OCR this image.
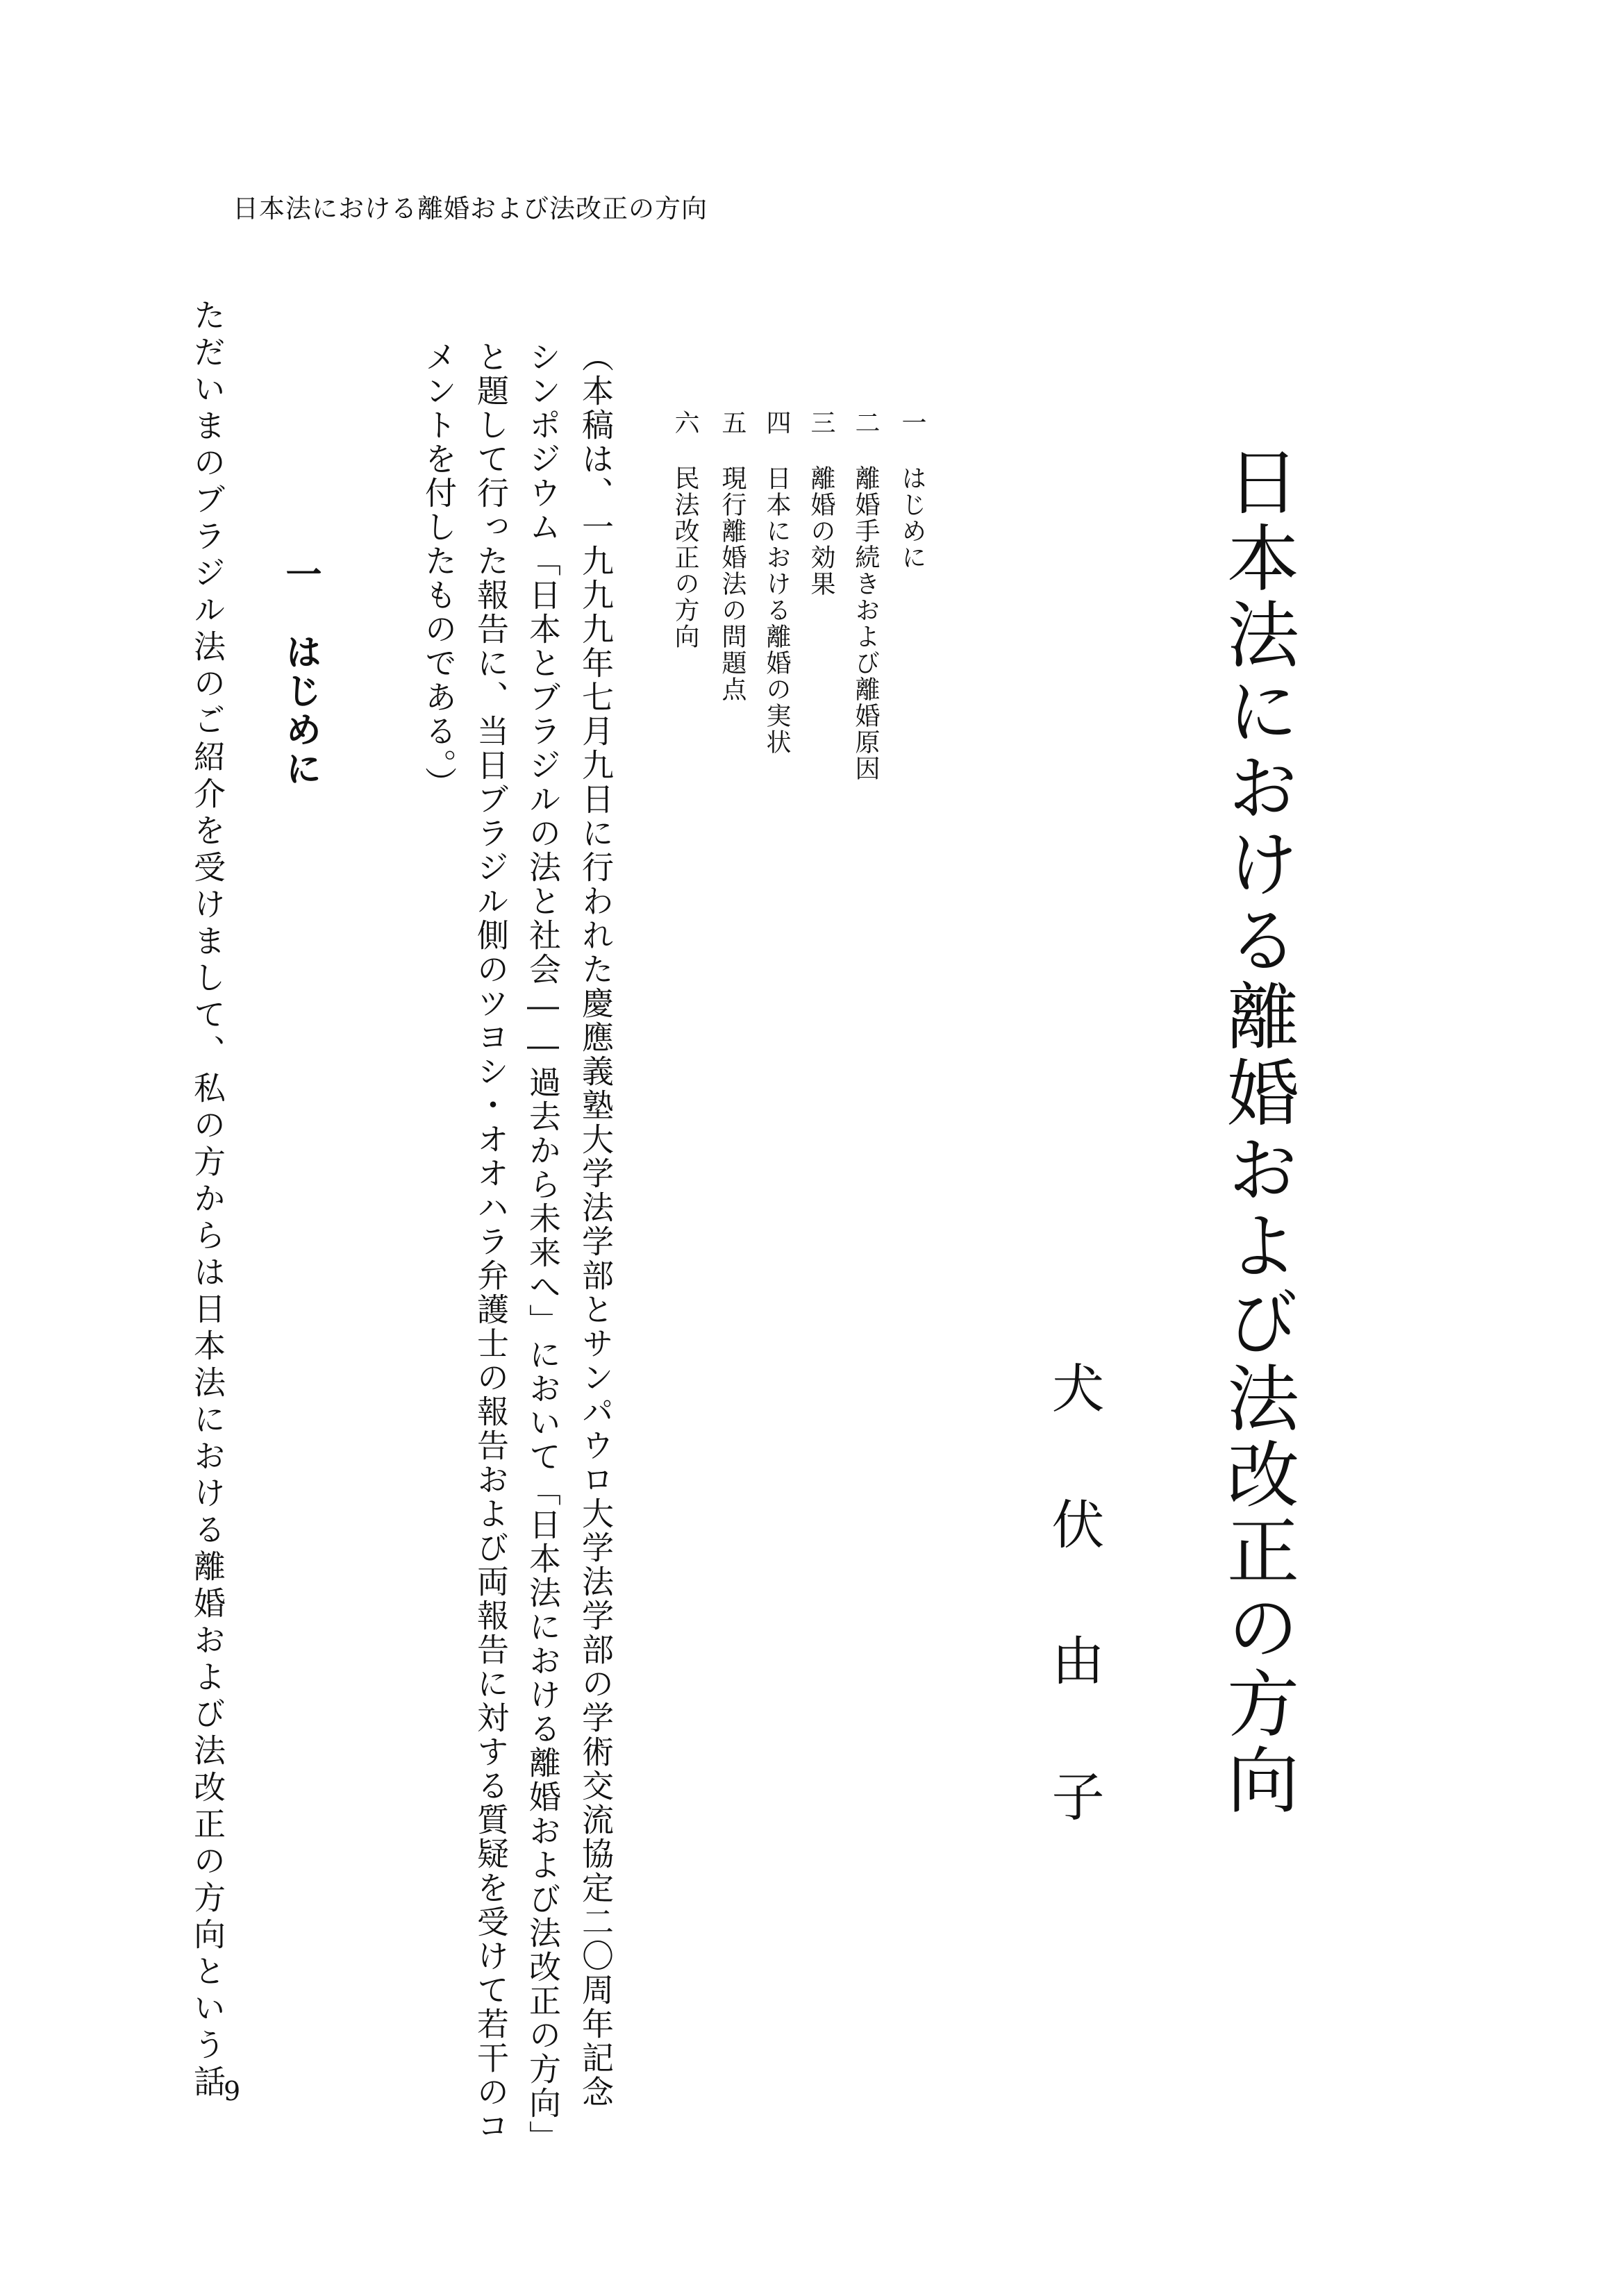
日本法における離婚および法改正の方向
日本法における離婚および法改正の方向
犬伏由子
一
はじめに
二
離婚手続きおよび離婚原因
三
離婚の効果
四
日本における離婚の実状
五
現行離婚法の問題点
六
民法改正の方向
（本稿は、一九九九年七月九日に行われた慶應義塾大学法学部とサンパウロ大学法学部の学術交流協定二〇周年記念
シンポジウム「日本とブラジルの法と社会――過去から未来へ」において「日本法における離婚および法改正の方向」
と題して行った報告に、当日ブラジル側のツヨシ・オオハラ弁護士の報告および両報告に対する質疑を受けて若干のコ
メントを付したものである。）
一　はじめに
ただいまのブラジル法のご紹介を受けまして、私の方からは日本法における離婚および法改正の方向という話
9
